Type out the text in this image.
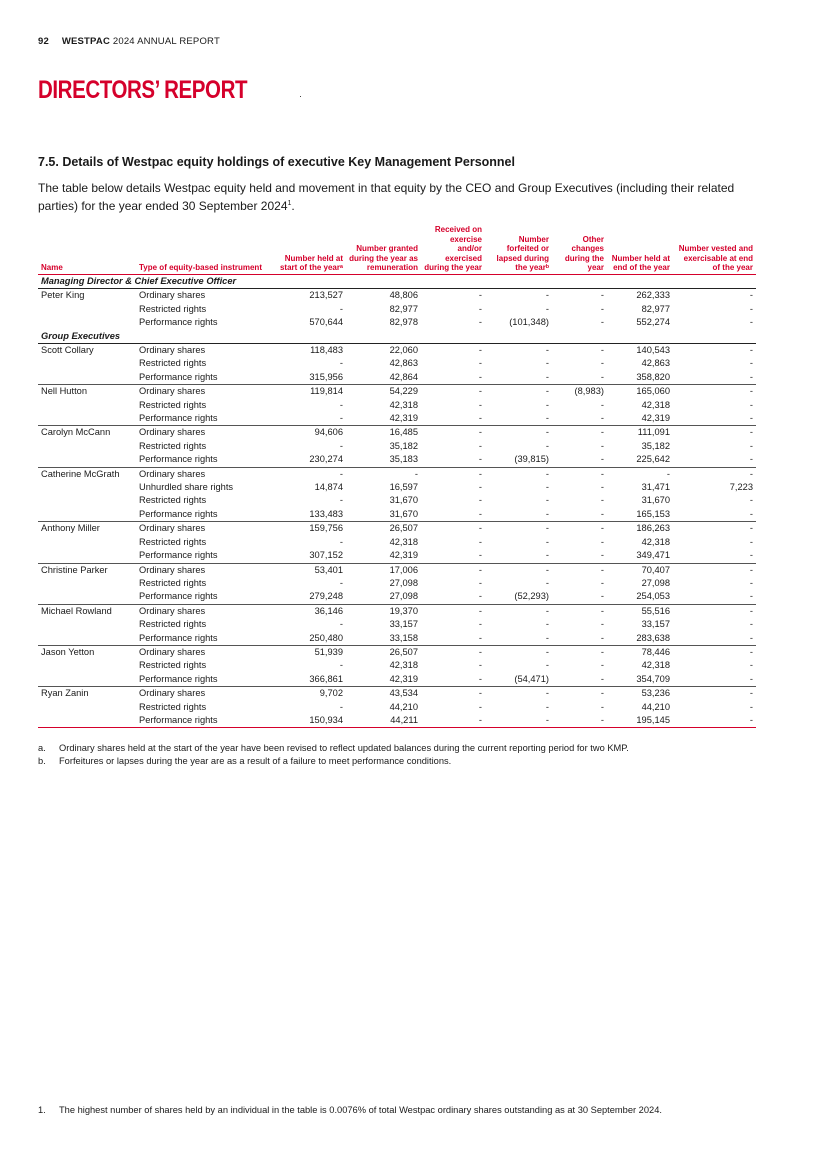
92 WESTPAC 2024 ANNUAL REPORT
DIRECTORS’ REPORT
7.5. Details of Westpac equity holdings of executive Key Management Personnel
The table below details Westpac equity held and movement in that equity by the CEO and Group Executives (including their related parties) for the year ended 30 September 2024$^1$.
Name	Type of equity-based instrument	Number held at start of the yearᵃ	Number granted during the year as remuneration	Received on exercise and/or exercised during the year	Number forfeited or lapsed during the yearᵇ	Other changes during the year	Number held at end of the year	Number vested and exercisable at end of the year
Managing Director & Chief Executive Officer								
Peter King	Ordinary shares	213,527	48,806	-	-	-	262,333	-
	Restricted rights	-	82,977	-	-	-	82,977	-
	Performance rights	570,644	82,978	-	(101,348)	-	552,274	-
Group Executives								
Scott Collary	Ordinary shares	118,483	22,060	-	-	-	140,543	-
	Restricted rights	-	42,863	-	-	-	42,863	-
	Performance rights	315,956	42,864	-	-	-	358,820	-
Nell Hutton	Ordinary shares	119,814	54,229	-	-	(8,983)	165,060	-
	Restricted rights	-	42,318	-	-	-	42,318	-
	Performance rights	-	42,319	-	-	-	42,319	-
Carolyn McCann	Ordinary shares	94,606	16,485	-	-	-	111,091	-
	Restricted rights	-	35,182	-	-	-	35,182	-
	Performance rights	230,274	35,183	-	(39,815)	-	225,642	-
Catherine McGrath	Ordinary shares	-	-	-	-	-	-	-
	Unhurdled share rights	14,874	16,597	-	-	-	31,471	7,223
	Restricted rights	-	31,670	-	-	-	31,670	-
	Performance rights	133,483	31,670	-	-	-	165,153	-
Anthony Miller	Ordinary shares	159,756	26,507	-	-	-	186,263	-
	Restricted rights	-	42,318	-	-	-	42,318	-
	Performance rights	307,152	42,319	-	-	-	349,471	-
Christine Parker	Ordinary shares	53,401	17,006	-	-	-	70,407	-
	Restricted rights	-	27,098	-	-	-	27,098	-
	Performance rights	279,248	27,098	-	(52,293)	-	254,053	-
Michael Rowland	Ordinary shares	36,146	19,370	-	-	-	55,516	-
	Restricted rights	-	33,157	-	-	-	33,157	-
	Performance rights	250,480	33,158	-	-	-	283,638	-
Jason Yetton	Ordinary shares	51,939	26,507	-	-	-	78,446	-
	Restricted rights	-	42,318	-	-	-	42,318	-
	Performance rights	366,861	42,319	-	(54,471)	-	354,709	-
Ryan Zanin	Ordinary shares	9,702	43,534	-	-	-	53,236	-
	Restricted rights	-	44,210	-	-	-	44,210	-
	Performance rights	150,934	44,211	-	-	-	195,145	-
a.	Ordinary shares held at the start of the year have been revised to reflect updated balances during the current reporting period for two KMP.
b.	Forfeitures or lapses during the year are as a result of a failure to meet performance conditions.
1.	The highest number of shares held by an individual in the table is 0.0076% of total Westpac ordinary shares outstanding as at 30 September 2024.
